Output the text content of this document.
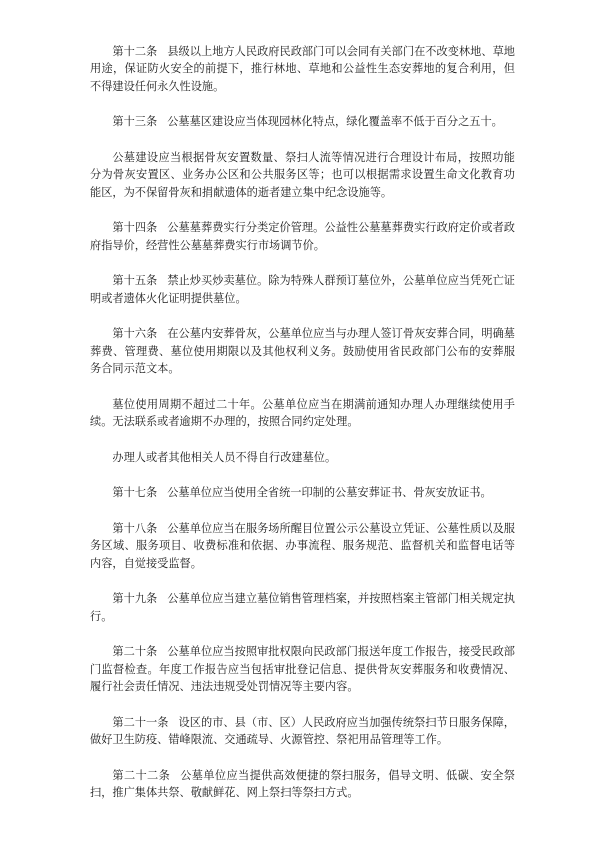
第十二条 县级以上地方人民政府民政部门可以会同有关部门在不改变林地、草地用途，保证防火安全的前提下，推行林地、草地和公益性生态安葬地的复合利用，但不得建设任何永久性设施。

第十三条 公墓墓区建设应当体现园林化特点，绿化覆盖率不低于百分之五十。

公墓建设应当根据骨灰安置数量、祭扫人流等情况进行合理设计布局，按照功能分为骨灰安置区、业务办公区和公共服务区等；也可以根据需求设置生命文化教育功能区，为不保留骨灰和捐献遗体的逝者建立集中纪念设施等。

第十四条 公墓墓葬费实行分类定价管理。公益性公墓墓葬费实行政府定价或者政府指导价，经营性公墓墓葬费实行市场调节价。

第十五条 禁止炒买炒卖墓位。除为特殊人群预订墓位外，公墓单位应当凭死亡证明或者遗体火化证明提供墓位。

第十六条 在公墓内安葬骨灰，公墓单位应当与办理人签订骨灰安葬合同，明确墓葬费、管理费、墓位使用期限以及其他权利义务。鼓励使用省民政部门公布的安葬服务合同示范文本。

墓位使用周期不超过二十年。公墓单位应当在期满前通知办理人办理继续使用手续。无法联系或者逾期不办理的，按照合同约定处理。

办理人或者其他相关人员不得自行改建墓位。

第十七条 公墓单位应当使用全省统一印制的公墓安葬证书、骨灰安放证书。

第十八条 公墓单位应当在服务场所醒目位置公示公墓设立凭证、公墓性质以及服务区域、服务项目、收费标准和依据、办事流程、服务规范、监督机关和监督电话等内容，自觉接受监督。

第十九条 公墓单位应当建立墓位销售管理档案，并按照档案主管部门相关规定执行。

第二十条 公墓单位应当按照审批权限向民政部门报送年度工作报告，接受民政部门监督检查。年度工作报告应当包括审批登记信息、提供骨灰安葬服务和收费情况、履行社会责任情况、违法违规受处罚情况等主要内容。

第二十一条 设区的市、县（市、区）人民政府应当加强传统祭扫节日服务保障，做好卫生防疫、错峰限流、交通疏导、火源管控、祭祀用品管理等工作。

第二十二条 公墓单位应当提供高效便捷的祭扫服务，倡导文明、低碳、安全祭扫，推广集体共祭、敬献鲜花、网上祭扫等祭扫方式。
